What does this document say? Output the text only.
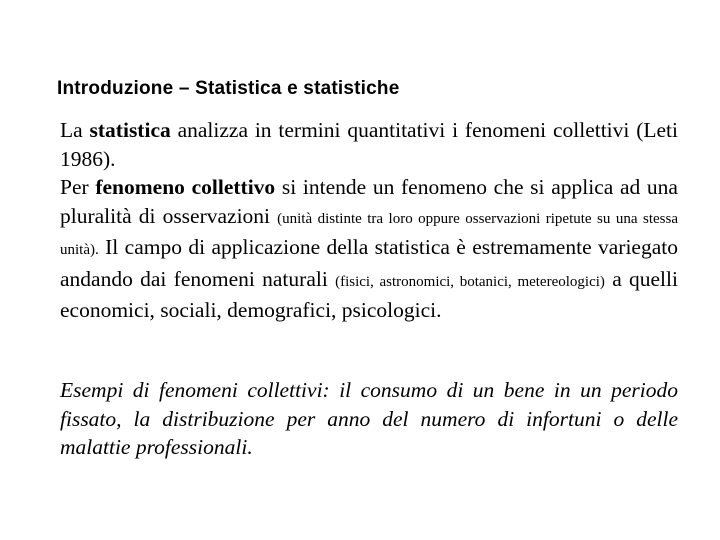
Introduzione – Statistica e statistiche

La statistica analizza in termini quantitativi i fenomeni collettivi (Leti 1986).

Per fenomeno collettivo si intende un fenomeno che si applica ad una pluralità di osservazioni (unità distinte tra loro oppure osservazioni ripetute su una stessa unità). Il campo di applicazione della statistica è estremamente variegato andando dai fenomeni naturali (fisici, astronomici, botanici, metereologici) a quelli economici, sociali, demografici, psicologici.

Esempi di fenomeni collettivi: il consumo di un bene in un periodo fissato, la distribuzione per anno del numero di infortuni o delle malattie professionali.
